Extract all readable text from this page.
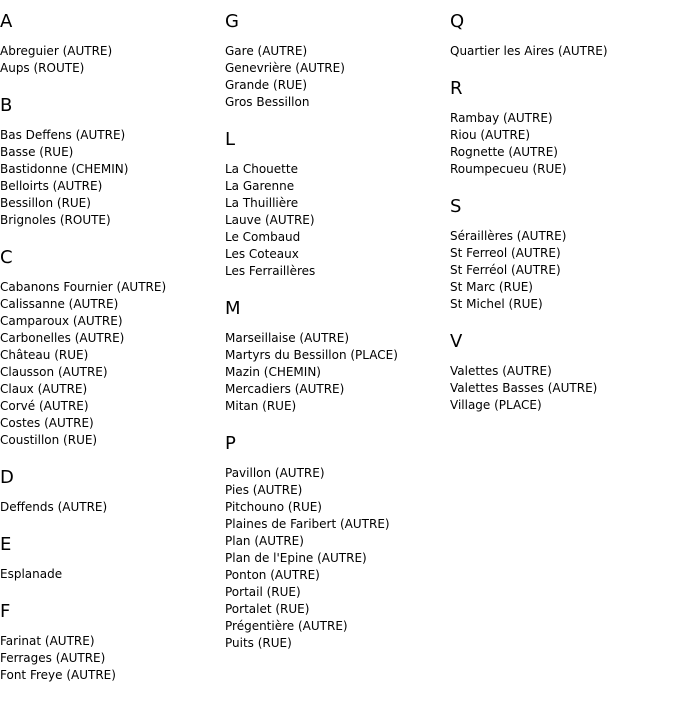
A
Abreguier (AUTRE)
Aups (ROUTE)
B
Bas Deffens (AUTRE)
Basse (RUE)
Bastidonne (CHEMIN)
Belloirts (AUTRE)
Bessillon (RUE)
Brignoles (ROUTE)
C
Cabanons Fournier (AUTRE)
Calissanne (AUTRE)
Camparoux (AUTRE)
Carbonelles (AUTRE)
Château (RUE)
Clausson (AUTRE)
Claux (AUTRE)
Corvé (AUTRE)
Costes (AUTRE)
Coustillon (RUE)
D
Deffends (AUTRE)
E
Esplanade
F
Farinat (AUTRE)
Ferrages (AUTRE)
Font Freye (AUTRE)
G
Gare (AUTRE)
Genevrière (AUTRE)
Grande (RUE)
Gros Bessillon
L
La Chouette
La Garenne
La Thuillière
Lauve (AUTRE)
Le Combaud
Les Coteaux
Les Ferraillères
M
Marseillaise (AUTRE)
Martyrs du Bessillon (PLACE)
Mazin (CHEMIN)
Mercadiers (AUTRE)
Mitan (RUE)
P
Pavillon (AUTRE)
Pies (AUTRE)
Pitchouno (RUE)
Plaines de Faribert (AUTRE)
Plan (AUTRE)
Plan de l'Epine (AUTRE)
Ponton (AUTRE)
Portail (RUE)
Portalet (RUE)
Prégentière (AUTRE)
Puits (RUE)
Q
Quartier les Aires (AUTRE)
R
Rambay (AUTRE)
Riou (AUTRE)
Rognette (AUTRE)
Roumpecueu (RUE)
S
Séraillères (AUTRE)
St Ferreol (AUTRE)
St Ferréol (AUTRE)
St Marc (RUE)
St Michel (RUE)
V
Valettes (AUTRE)
Valettes Basses (AUTRE)
Village (PLACE)
